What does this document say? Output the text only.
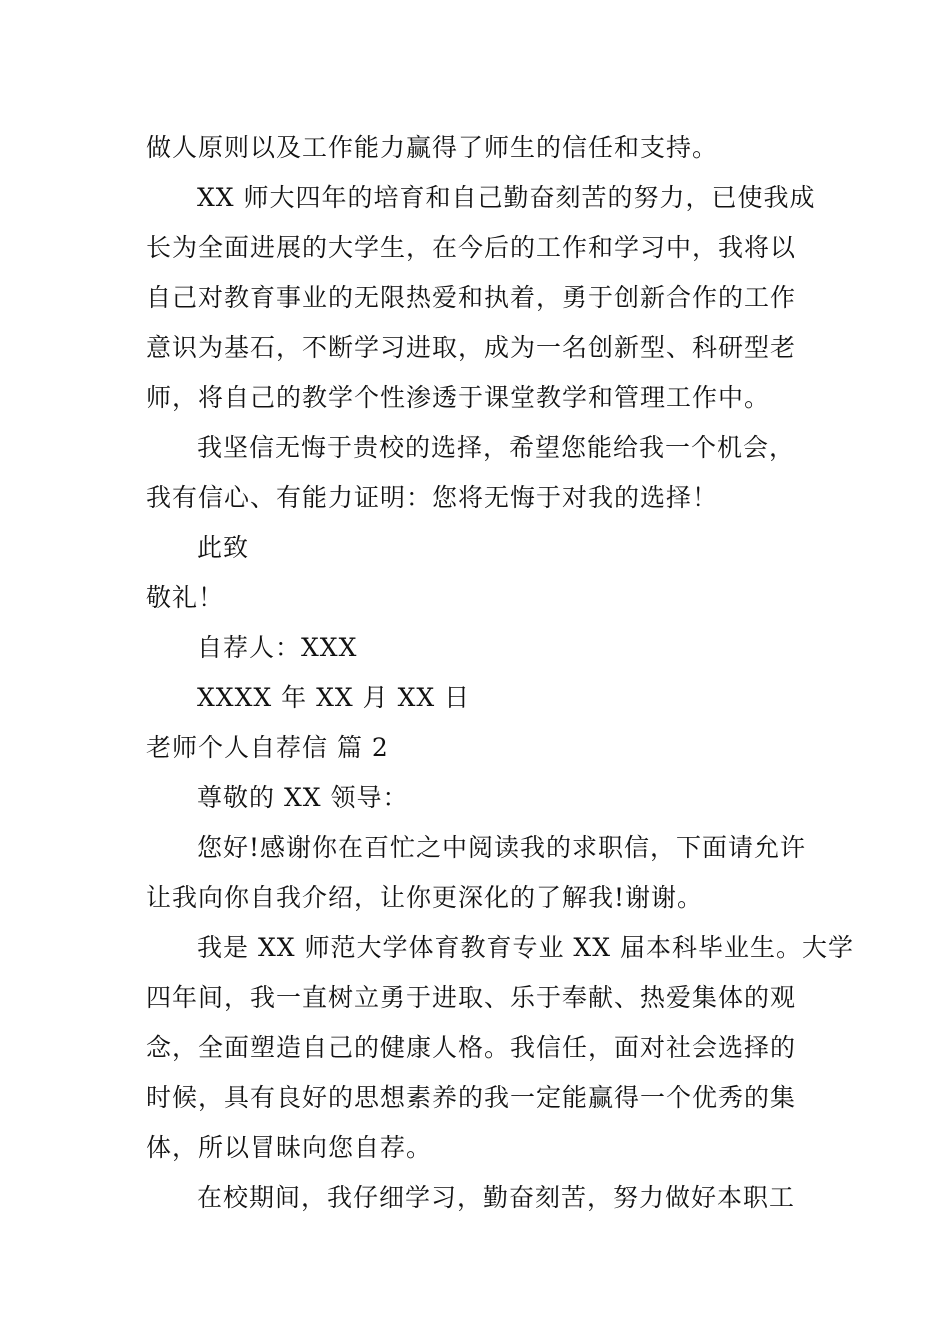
做人原则以及工作能力赢得了师生的信任和支持。
XX 师大四年的培育和自己勤奋刻苦的努力，已使我成
长为全面进展的大学生，在今后的工作和学习中，我将以
自己对教育事业的无限热爱和执着，勇于创新合作的工作
意识为基石，不断学习进取，成为一名创新型、科研型老
师，将自己的教学个性渗透于课堂教学和管理工作中。
我坚信无悔于贵校的选择，希望您能给我一个机会，
我有信心、有能力证明：您将无悔于对我的选择！
此致
敬礼！
自荐人：XXX
XXXX 年 XX 月 XX 日
老师个人自荐信 篇 2
尊敬的 XX 领导：
您好!感谢你在百忙之中阅读我的求职信，下面请允许
让我向你自我介绍，让你更深化的了解我!谢谢。
我是 XX 师范大学体育教育专业 XX 届本科毕业生。大学
四年间，我一直树立勇于进取、乐于奉献、热爱集体的观
念，全面塑造自己的健康人格。我信任，面对社会选择的
时候，具有良好的思想素养的我一定能赢得一个优秀的集
体，所以冒昧向您自荐。
在校期间，我仔细学习，勤奋刻苦，努力做好本职工
